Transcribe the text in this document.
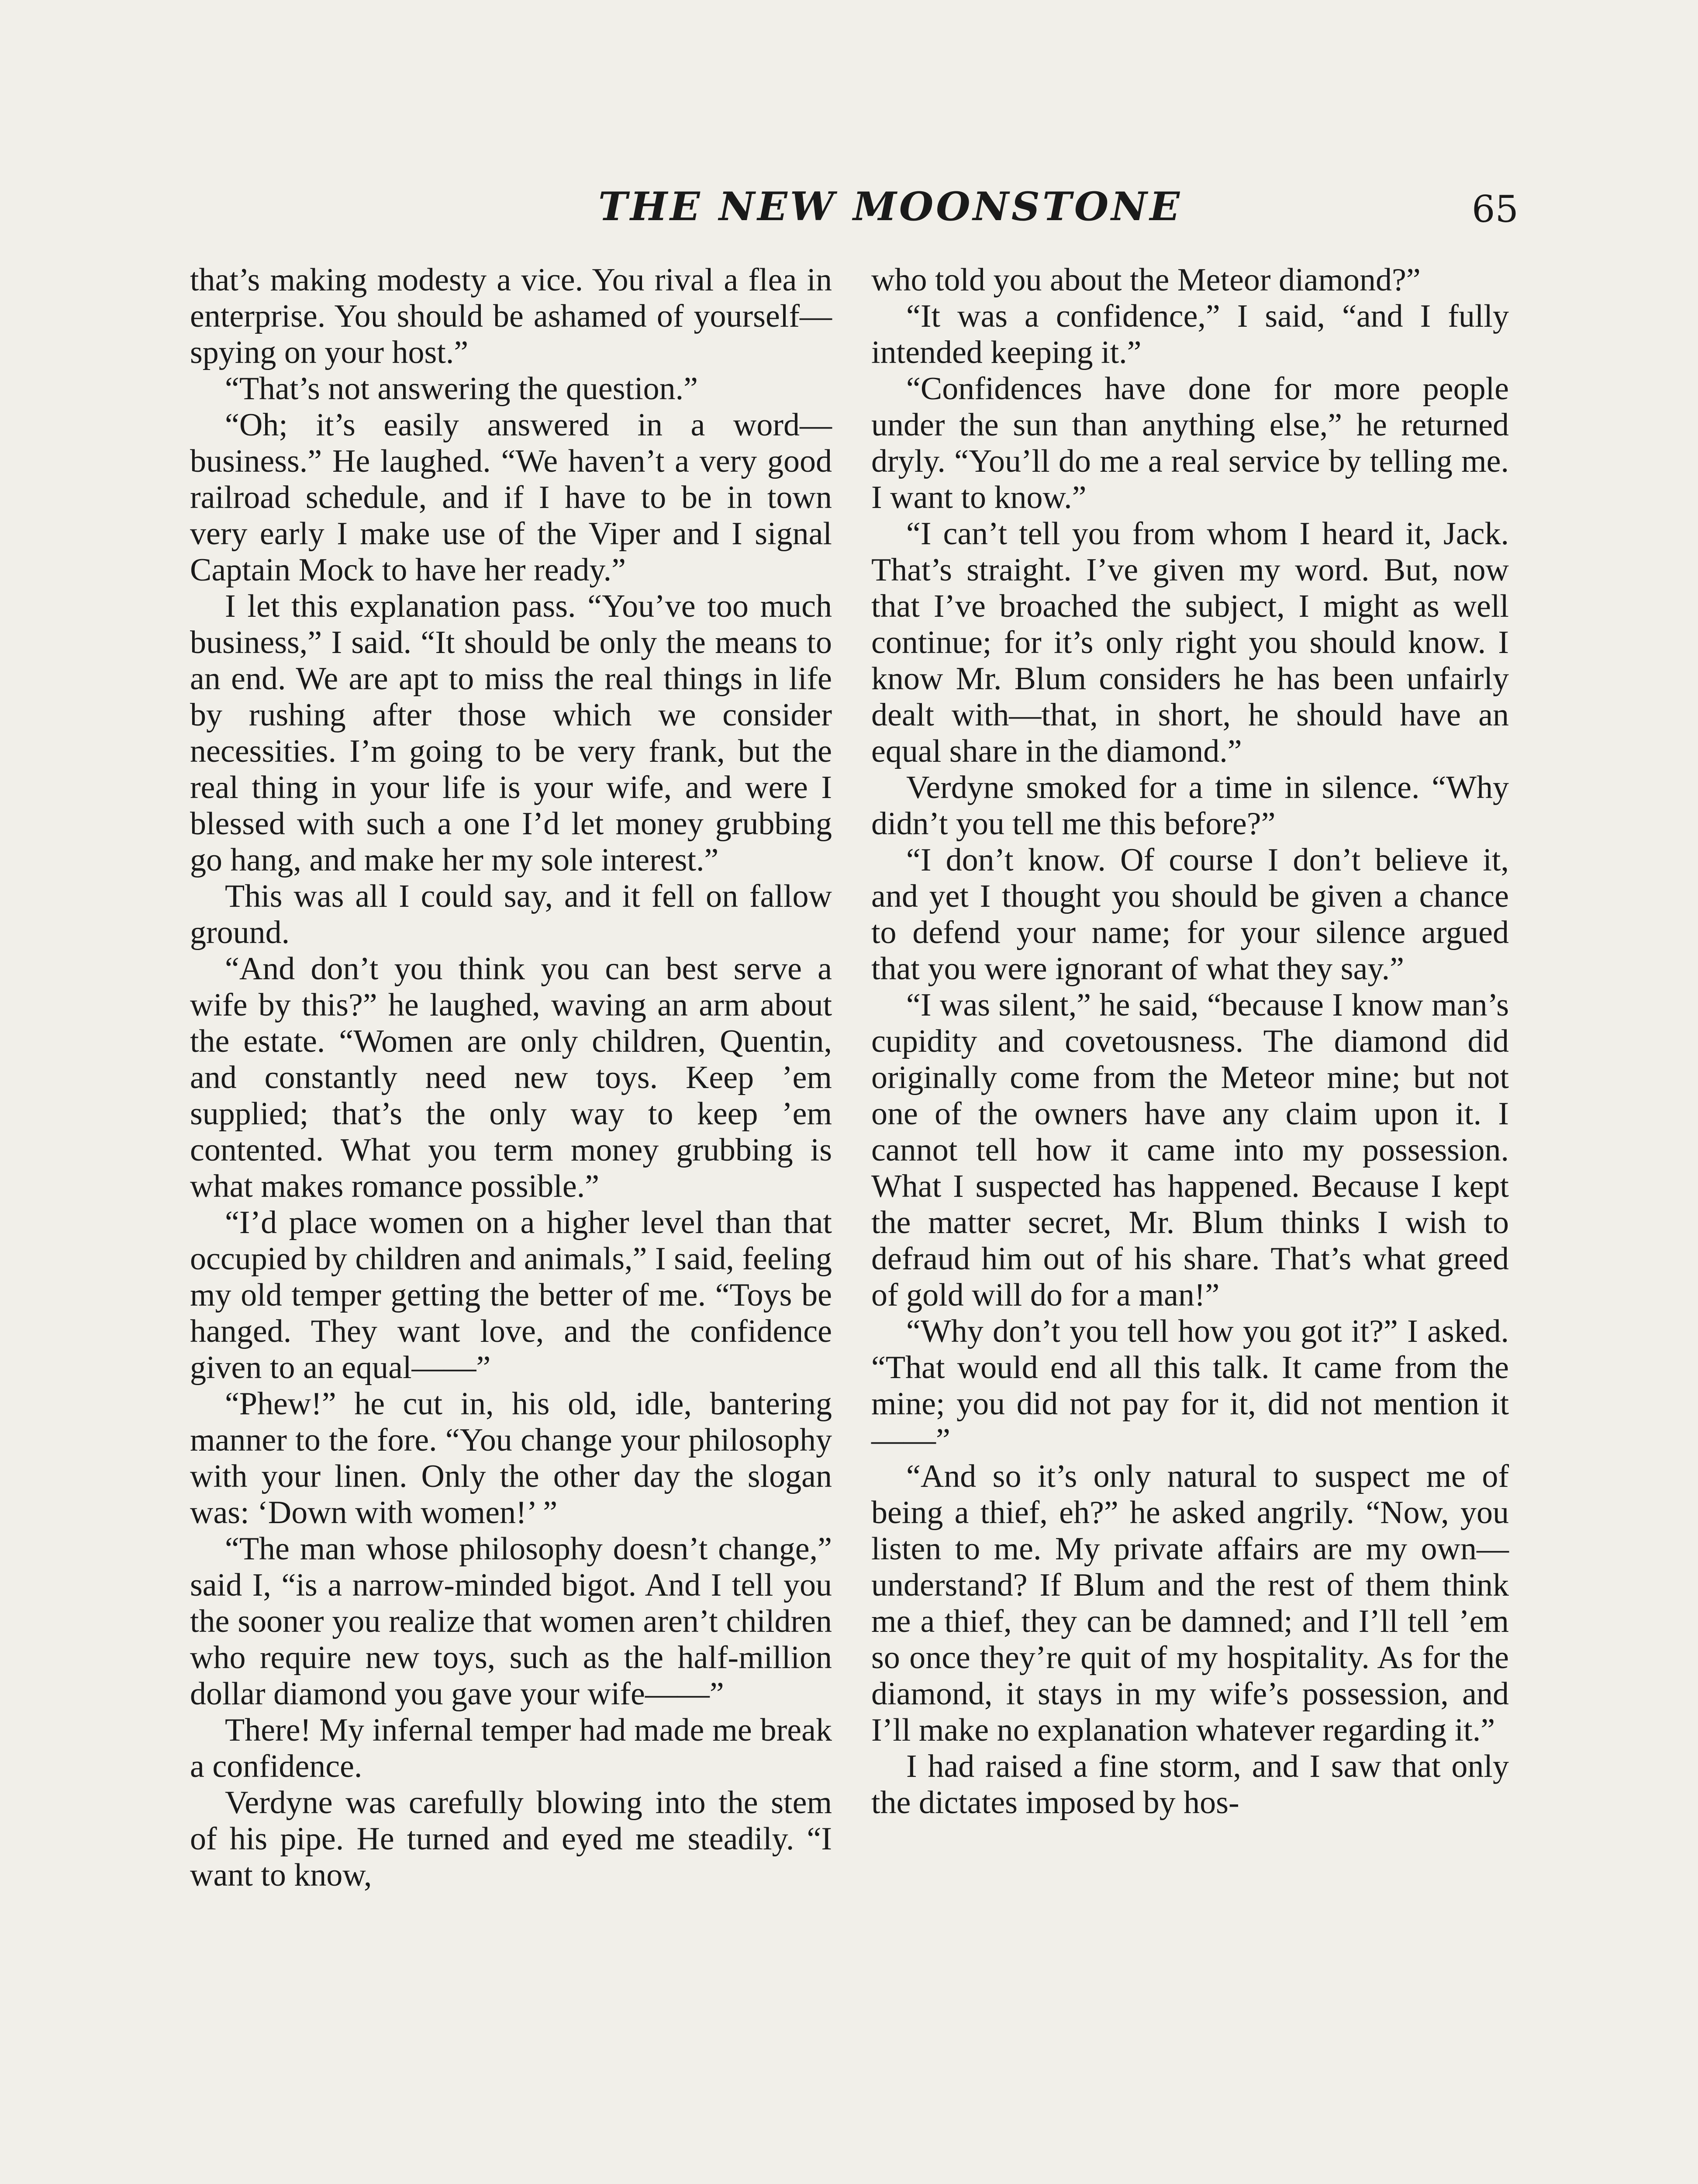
THE NEW MOONSTONE	65

that’s making modesty a vice. You rival a flea in enterprise. You should be ashamed of yourself—spying on your host.”

“That’s not answering the question.”

“Oh; it’s easily answered in a word—business.” He laughed. “We haven’t a very good railroad schedule, and if I have to be in town very early I make use of the Viper and I signal Captain Mock to have her ready.”

I let this explanation pass. “You’ve too much business,” I said. “It should be only the means to an end. We are apt to miss the real things in life by rushing after those which we consider necessities. I’m going to be very frank, but the real thing in your life is your wife, and were I blessed with such a one I’d let money grubbing go hang, and make her my sole interest.”

This was all I could say, and it fell on fallow ground.

“And don’t you think you can best serve a wife by this?” he laughed, waving an arm about the estate. “Women are only children, Quentin, and constantly need new toys. Keep ’em supplied; that’s the only way to keep ’em contented. What you term money grubbing is what makes romance possible.”

“I’d place women on a higher level than that occupied by children and animals,” I said, feeling my old temper getting the better of me. “Toys be hanged. They want love, and the confidence given to an equal——”

“Phew!” he cut in, his old, idle, bantering manner to the fore. “You change your philosophy with your linen. Only the other day the slogan was: ‘Down with women!’ ”

“The man whose philosophy doesn’t change,” said I, “is a narrow-minded bigot. And I tell you the sooner you realize that women aren’t children who require new toys, such as the half-million dollar diamond you gave your wife——”

There! My infernal temper had made me break a confidence.

Verdyne was carefully blowing into the stem of his pipe. He turned and eyed me steadily. “I want to know,

who told you about the Meteor diamond?”

“It was a confidence,” I said, “and I fully intended keeping it.”

“Confidences have done for more people under the sun than anything else,” he returned dryly. “You’ll do me a real service by telling me. I want to know.”

“I can’t tell you from whom I heard it, Jack. That’s straight. I’ve given my word. But, now that I’ve broached the subject, I might as well continue; for it’s only right you should know. I know Mr. Blum considers he has been unfairly dealt with—that, in short, he should have an equal share in the diamond.”

Verdyne smoked for a time in silence. “Why didn’t you tell me this before?”

“I don’t know. Of course I don’t believe it, and yet I thought you should be given a chance to defend your name; for your silence argued that you were ignorant of what they say.”

“I was silent,” he said, “because I know man’s cupidity and covetousness. The diamond did originally come from the Meteor mine; but not one of the owners have any claim upon it. I cannot tell how it came into my possession. What I suspected has happened. Because I kept the matter secret, Mr. Blum thinks I wish to defraud him out of his share. That’s what greed of gold will do for a man!”

“Why don’t you tell how you got it?” I asked. “That would end all this talk. It came from the mine; you did not pay for it, did not mention it——”

“And so it’s only natural to suspect me of being a thief, eh?” he asked angrily. “Now, you listen to me. My private affairs are my own—understand? If Blum and the rest of them think me a thief, they can be damned; and I’ll tell ’em so once they’re quit of my hospitality. As for the diamond, it stays in my wife’s possession, and I’ll make no explanation whatever regarding it.”

I had raised a fine storm, and I saw that only the dictates imposed by hos-
